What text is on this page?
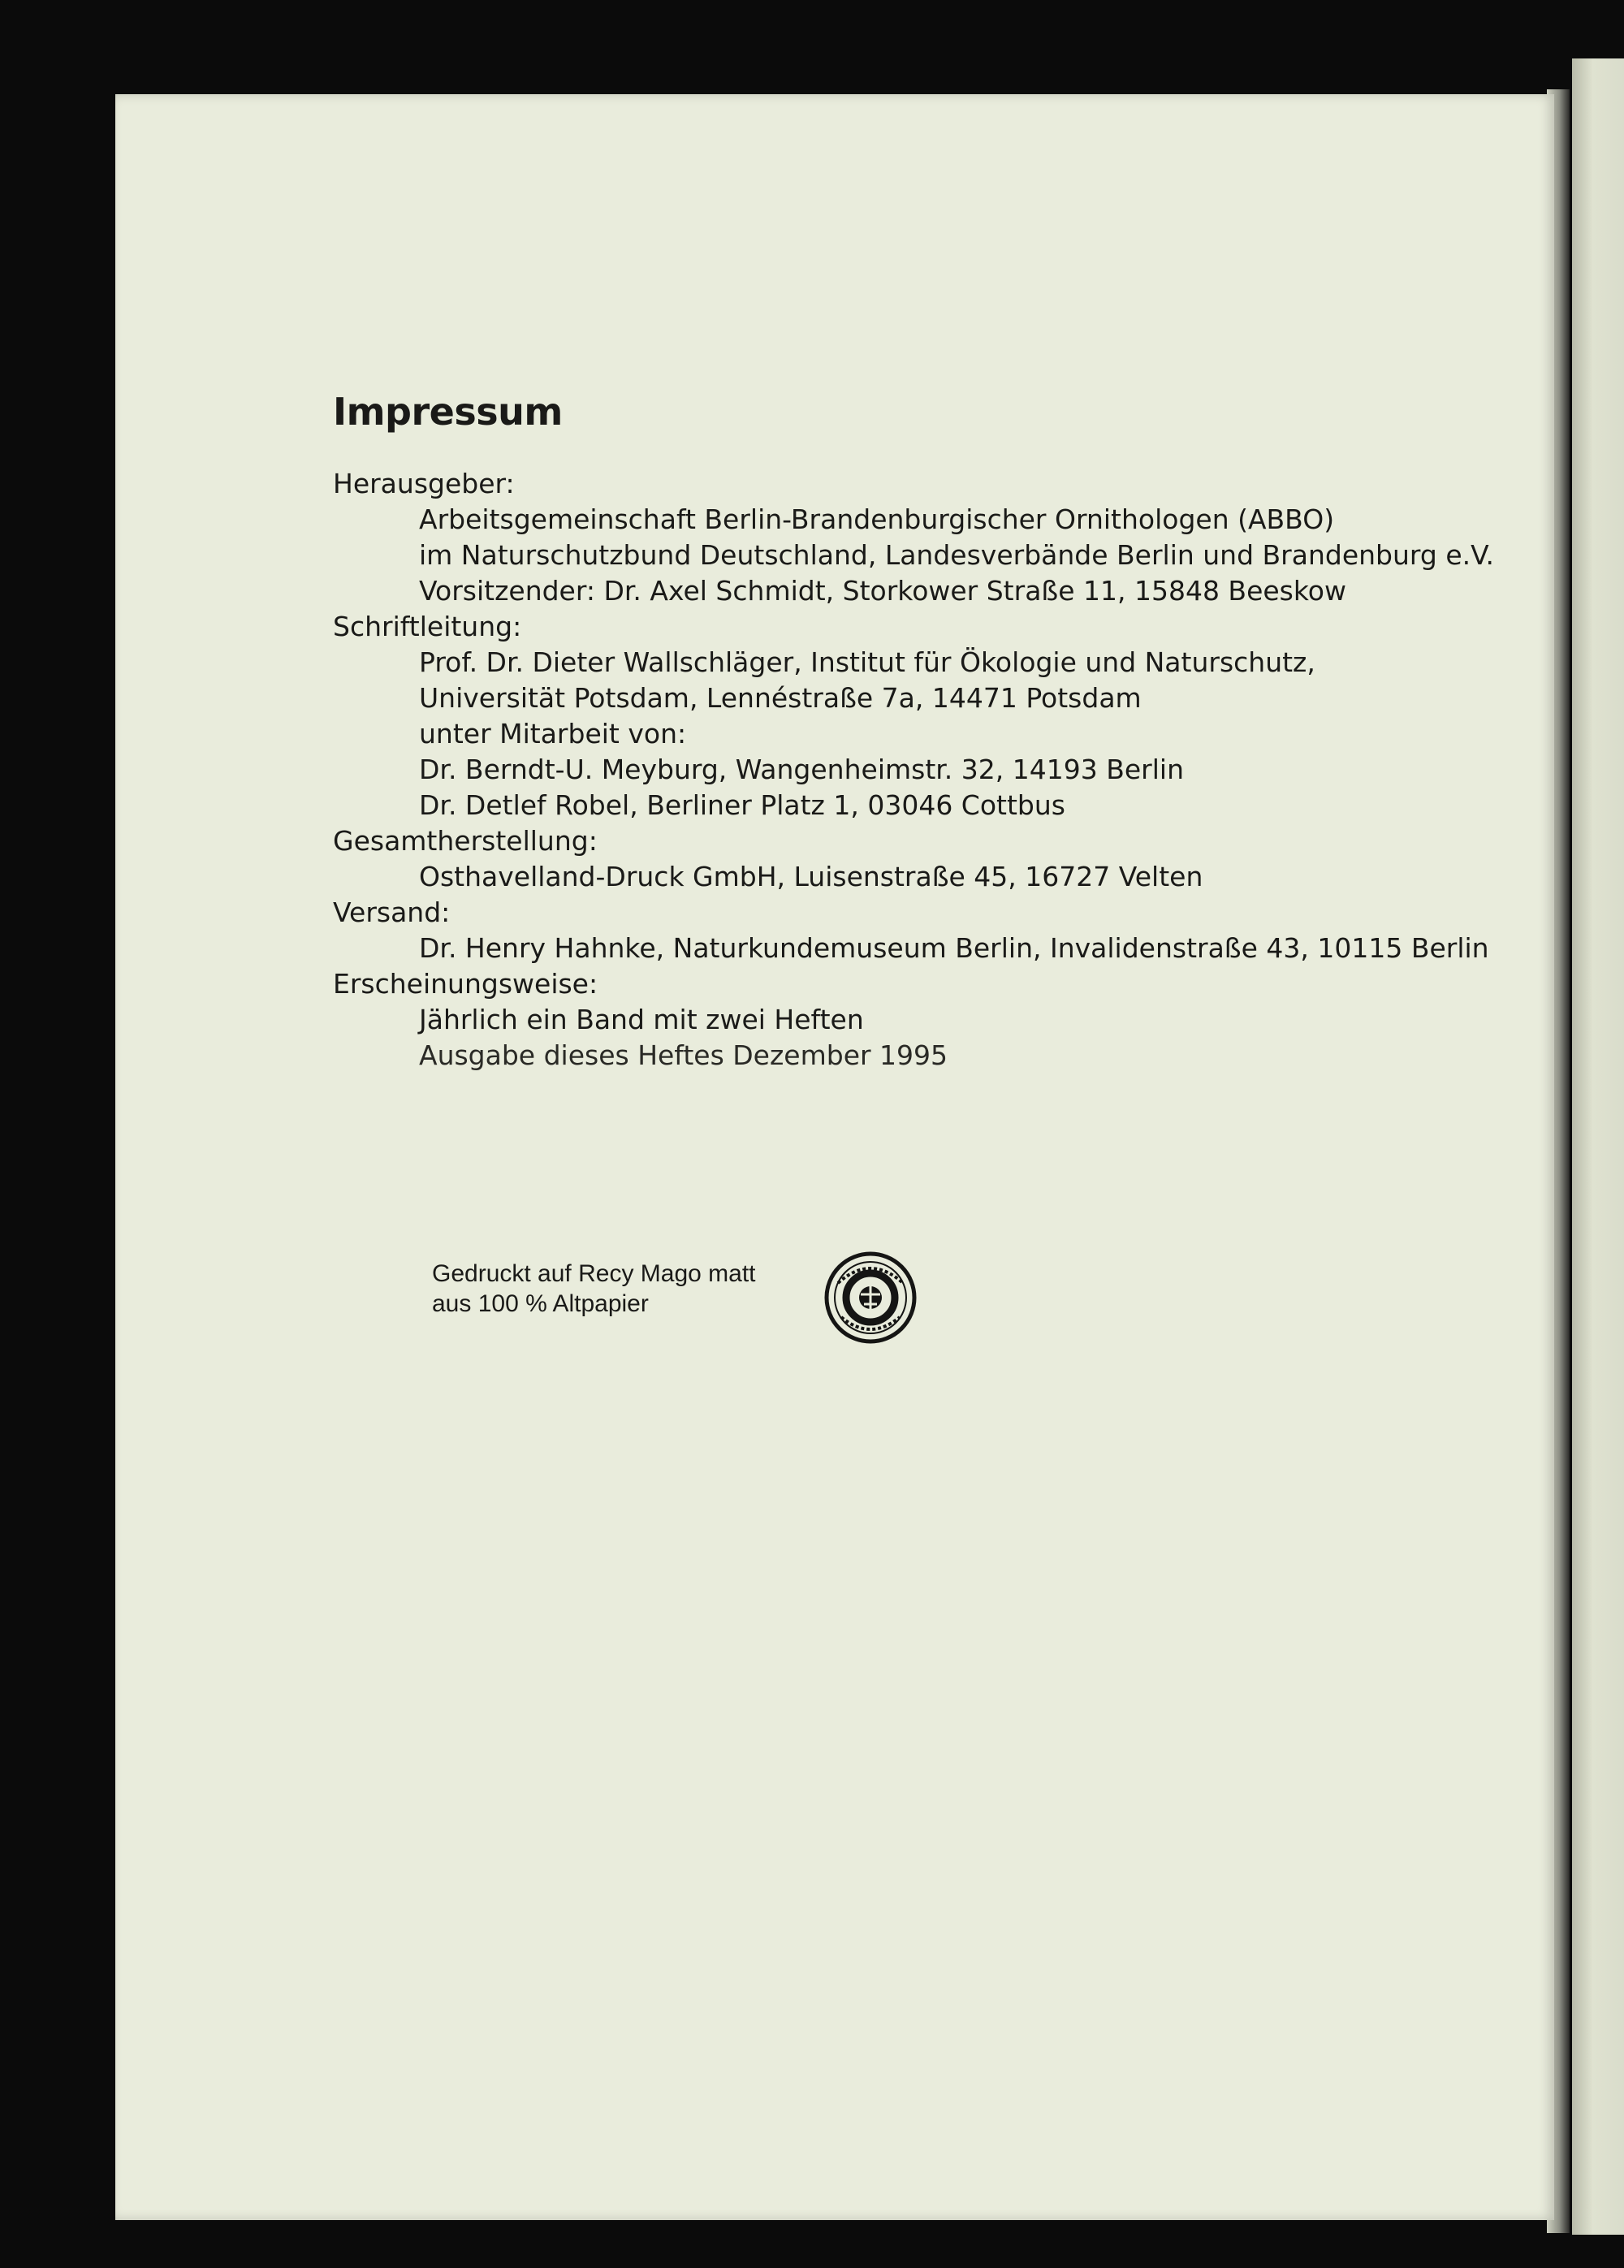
Impressum

Herausgeber:

Arbeitsgemeinschaft Berlin-Brandenburgischer Ornithologen (ABBO)

im Naturschutzbund Deutschland, Landesverbände Berlin und Brandenburg e.V.

Vorsitzender: Dr. Axel Schmidt, Storkower Straße 11, 15848 Beeskow

Schriftleitung:

Prof. Dr. Dieter Wallschläger, Institut für Ökologie und Naturschutz,

Universität Potsdam, Lennéstraße 7a, 14471 Potsdam

unter Mitarbeit von:

Dr. Berndt-U. Meyburg, Wangenheimstr. 32, 14193 Berlin

Dr. Detlef Robel, Berliner Platz 1, 03046 Cottbus

Gesamtherstellung:

Osthavelland-Druck GmbH, Luisenstraße 45, 16727 Velten

Versand:

Dr. Henry Hahnke, Naturkundemuseum Berlin, Invalidenstraße 43, 10115 Berlin

Erscheinungsweise:

Jährlich ein Band mit zwei Heften

Ausgabe dieses Heftes Dezember 1995

Gedruckt auf Recy Mago matt
aus 100 % Altpapier
